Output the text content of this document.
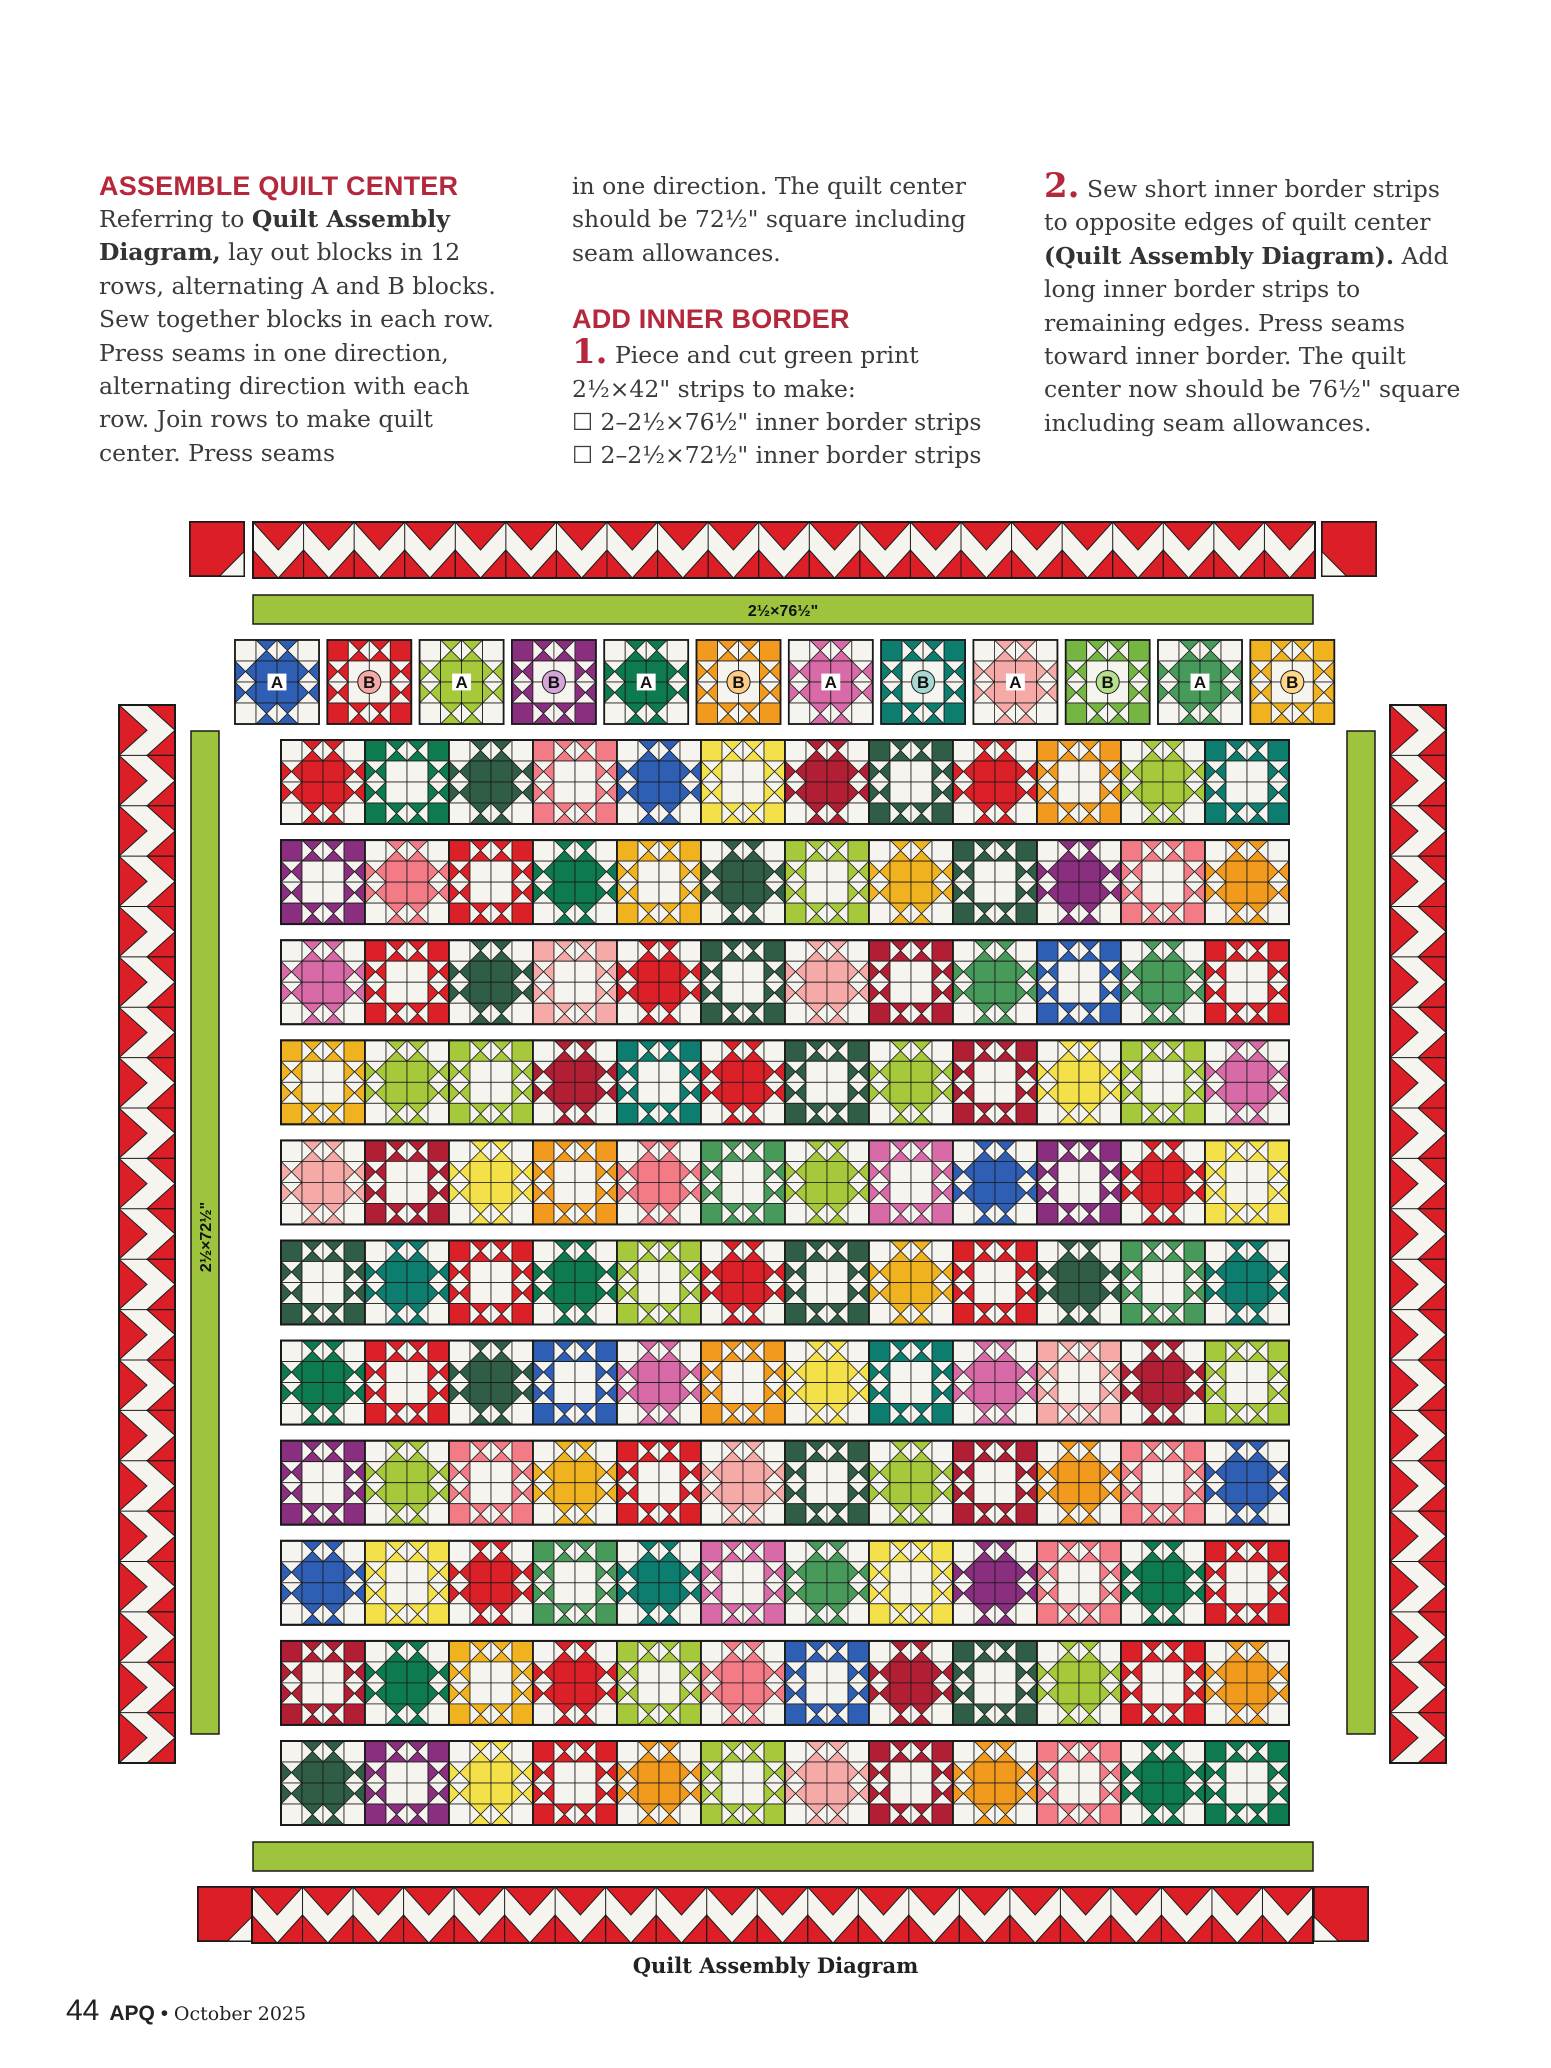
ASSEMBLE QUILT CENTER

Referring to Quilt Assembly Diagram, lay out blocks in 12 rows, alternating A and B blocks. Sew together blocks in each row. Press seams in one direction, alternating direction with each row. Join rows to make quilt center. Press seams

in one direction. The quilt center should be 72½" square including seam allowances.

ADD INNER BORDER

1. Piece and cut green print 2½×42" strips to make:

☐ 2–2½×76½" inner border strips

☐ 2–2½×72½" inner border strips

2. Sew short inner border strips to opposite edges of quilt center (Quilt Assembly Diagram). Add long inner border strips to remaining edges. Press seams toward inner border. The quilt center now should be 76½" square including seam allowances.

2½×76½"
2½×72½"
A	B	A	B	A	B	A	B	A	B	A	B
Quilt Assembly Diagram
44 APQ • October 2025
